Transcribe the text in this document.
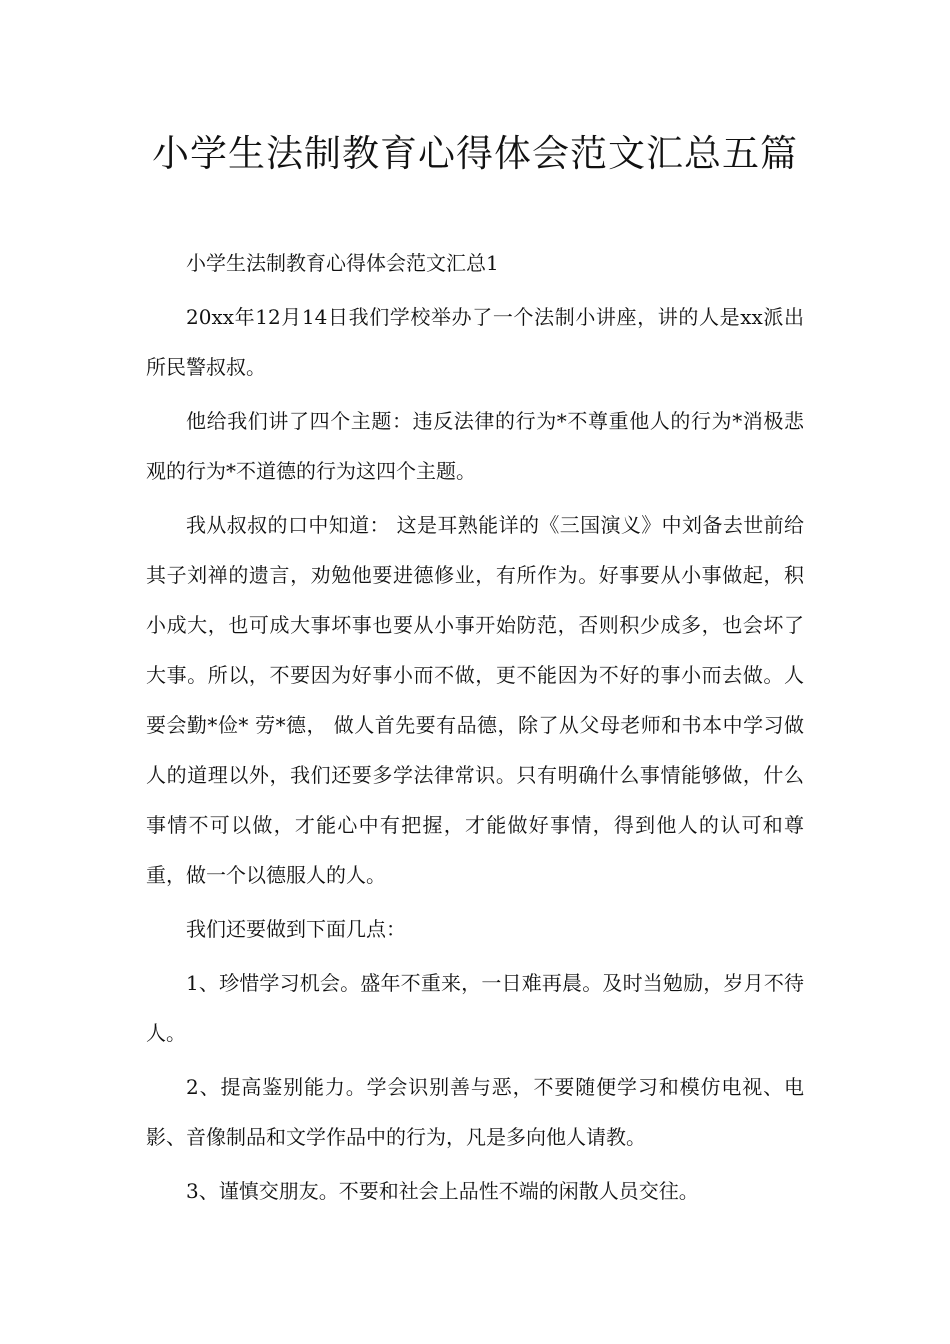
小学生法制教育心得体会范文汇总五篇

小学生法制教育心得体会范文汇总1

20xx年12月14日我们学校举办了一个法制小讲座，讲的人是xx派出所民警叔叔。

他给我们讲了四个主题：违反法律的行为*不尊重他人的行为*消极悲观的行为*不道德的行为这四个主题。

我从叔叔的口中知道： 这是耳熟能详的《三国演义》中刘备去世前给其子刘禅的遗言，劝勉他要进德修业，有所作为。好事要从小事做起，积小成大，也可成大事坏事也要从小事开始防范，否则积少成多，也会坏了大事。所以，不要因为好事小而不做，更不能因为不好的事小而去做。人要会勤*俭* 劳*德， 做人首先要有品德，除了从父母老师和书本中学习做人的道理以外，我们还要多学法律常识。只有明确什么事情能够做，什么事情不可以做，才能心中有把握，才能做好事情，得到他人的认可和尊重，做一个以德服人的人。

我们还要做到下面几点：

1、珍惜学习机会。盛年不重来，一日难再晨。及时当勉励，岁月不待人。

2、提高鉴别能力。学会识别善与恶，不要随便学习和模仿电视、电影、音像制品和文学作品中的行为，凡是多向他人请教。

3、谨慎交朋友。不要和社会上品性不端的闲散人员交往。
